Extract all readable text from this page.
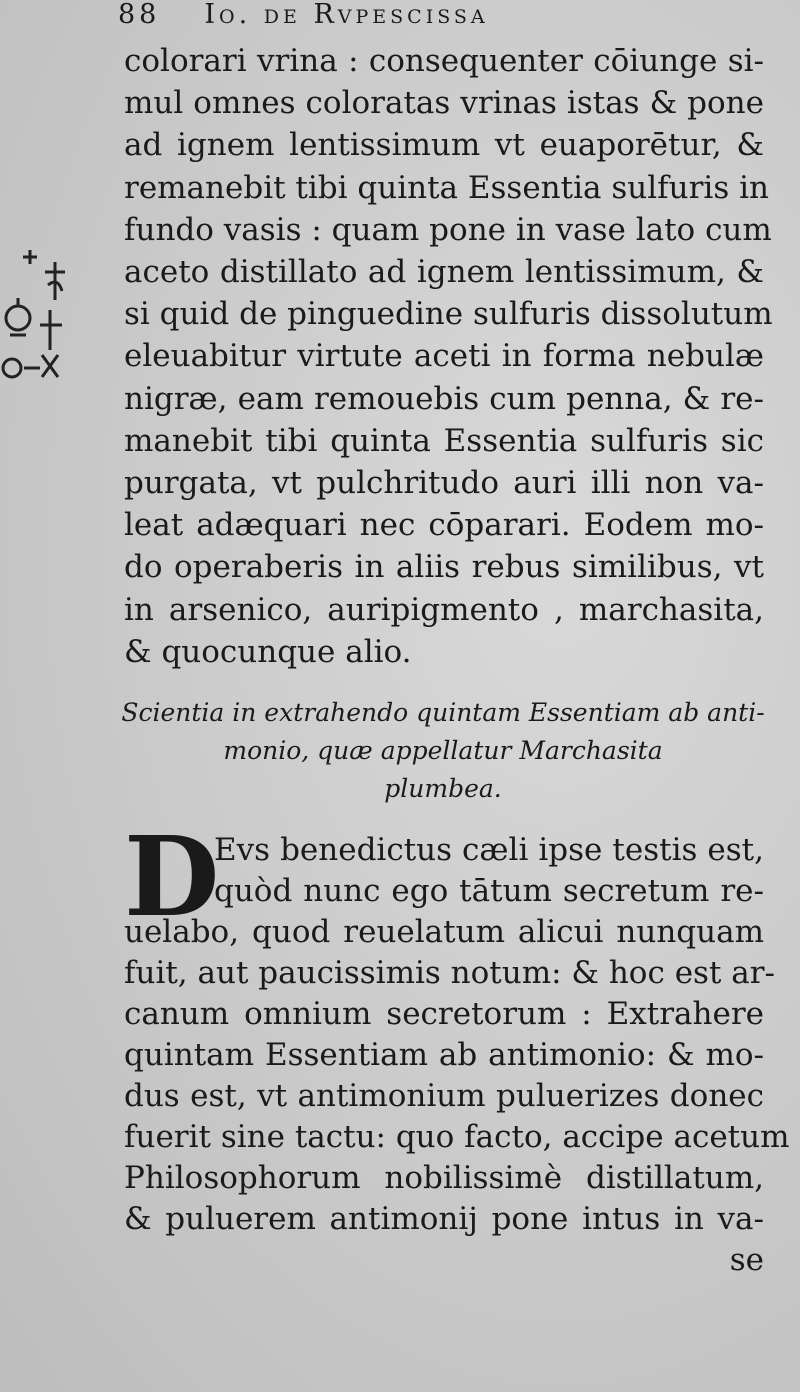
88 Io. de Rvpescissa
colorari vrina : consequenter cōiunge si-
mul omnes coloratas vrinas istas & pone
ad ignem lentissimum vt euaporētur, &
remanebit tibi quinta Essentia sulfuris in
fundo vasis : quam pone in vase lato cum
aceto distillato ad ignem lentissimum, &
si quid de pinguedine sulfuris dissolutum
eleuabitur virtute aceti in forma nebulæ
nigræ, eam remouebis cum penna, & re-
manebit tibi quinta Essentia sulfuris sic
purgata, vt pulchritudo auri illi non va-
leat adæquari nec cōparari. Eodem mo-
do operaberis in aliis rebus similibus, vt
in arsenico, auripigmento , marchasita,
& quocunque alio.
Scientia in extrahendo quintam Essentiam ab anti-
monio, quæ appellatur Marchasita
plumbea.
D
Evs benedictus cæli ipse testis est,
quòd nunc ego tātum secretum re-
uelabo, quod reuelatum alicui nunquam
fuit, aut paucissimis notum: & hoc est ar-
canum omnium secretorum : Extrahere
quintam Essentiam ab antimonio: & mo-
dus est, vt antimonium puluerizes donec
fuerit sine tactu: quo facto, accipe acetum
Philosophorum nobilissimè distillatum,
& puluerem antimonij pone intus in va-
se
